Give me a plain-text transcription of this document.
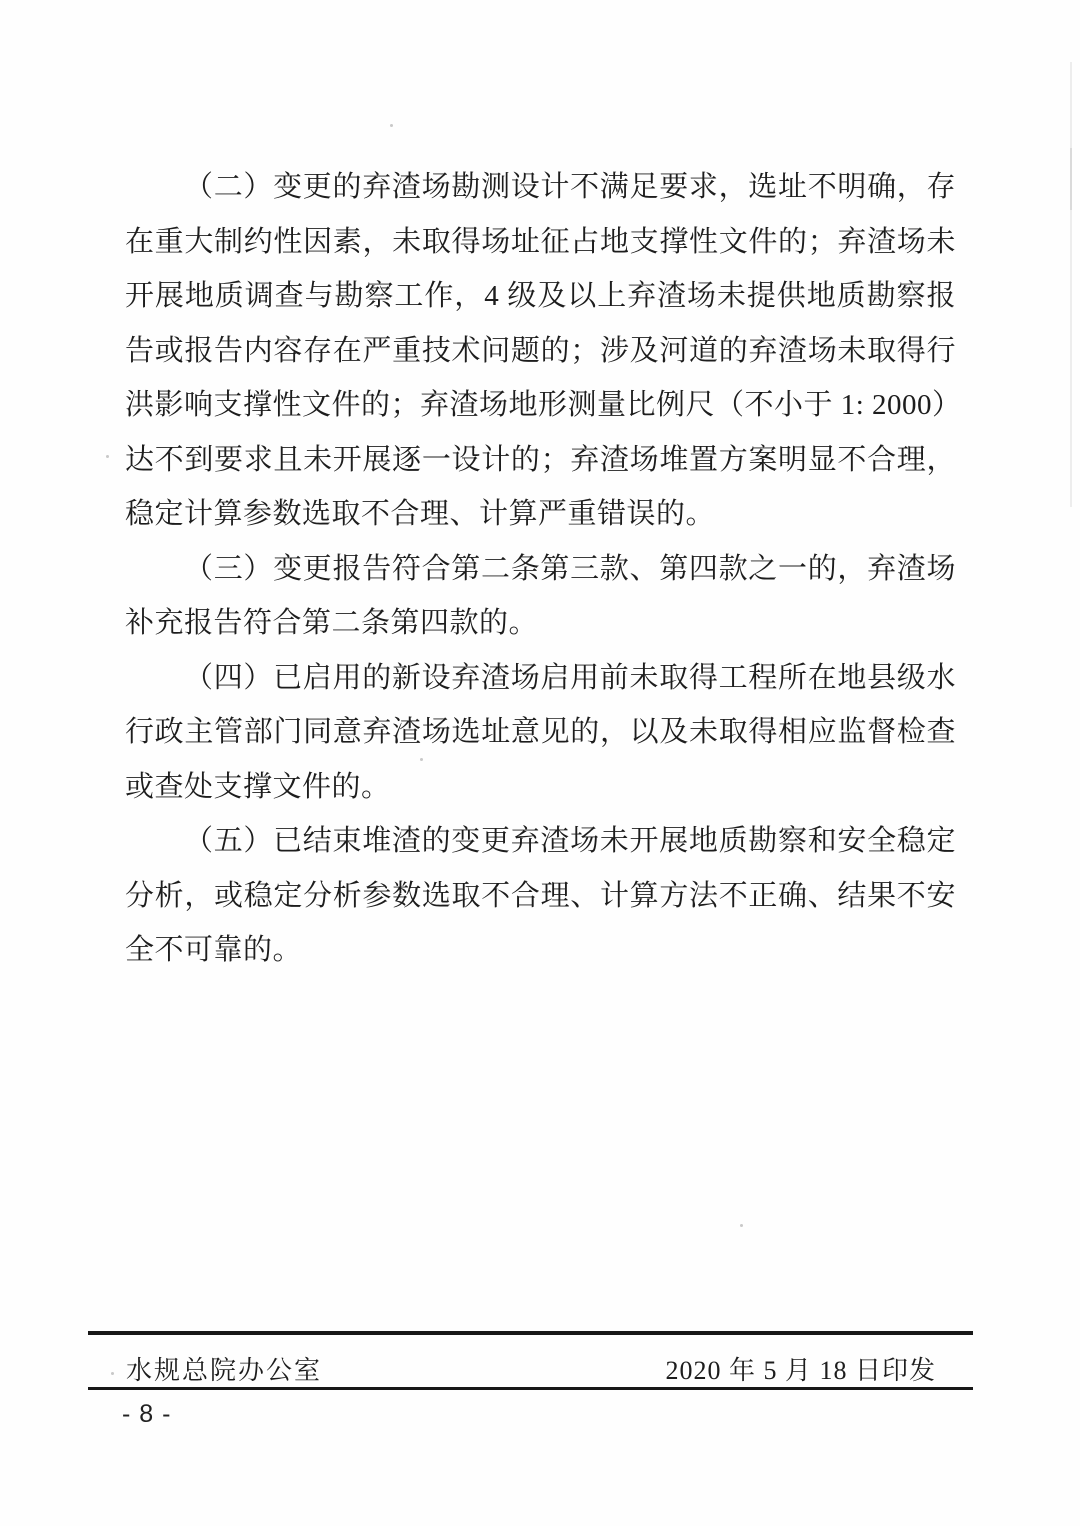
（二）变更的弃渣场勘测设计不满足要求，选址不明确，存
在重大制约性因素，未取得场址征占地支撑性文件的；弃渣场未
开展地质调查与勘察工作，4 级及以上弃渣场未提供地质勘察报
告或报告内容存在严重技术问题的；涉及河道的弃渣场未取得行
洪影响支撑性文件的；弃渣场地形测量比例尺（不小于 1: 2000）
达不到要求且未开展逐一设计的；弃渣场堆置方案明显不合理，
稳定计算参数选取不合理、计算严重错误的。
（三）变更报告符合第二条第三款、第四款之一的，弃渣场
补充报告符合第二条第四款的。
（四）已启用的新设弃渣场启用前未取得工程所在地县级水
行政主管部门同意弃渣场选址意见的，以及未取得相应监督检查
或查处支撑文件的。
（五）已结束堆渣的变更弃渣场未开展地质勘察和安全稳定
分析，或稳定分析参数选取不合理、计算方法不正确、结果不安
全不可靠的。
水规总院办公室	2020 年 5 月 18 日印发
- 8 -
